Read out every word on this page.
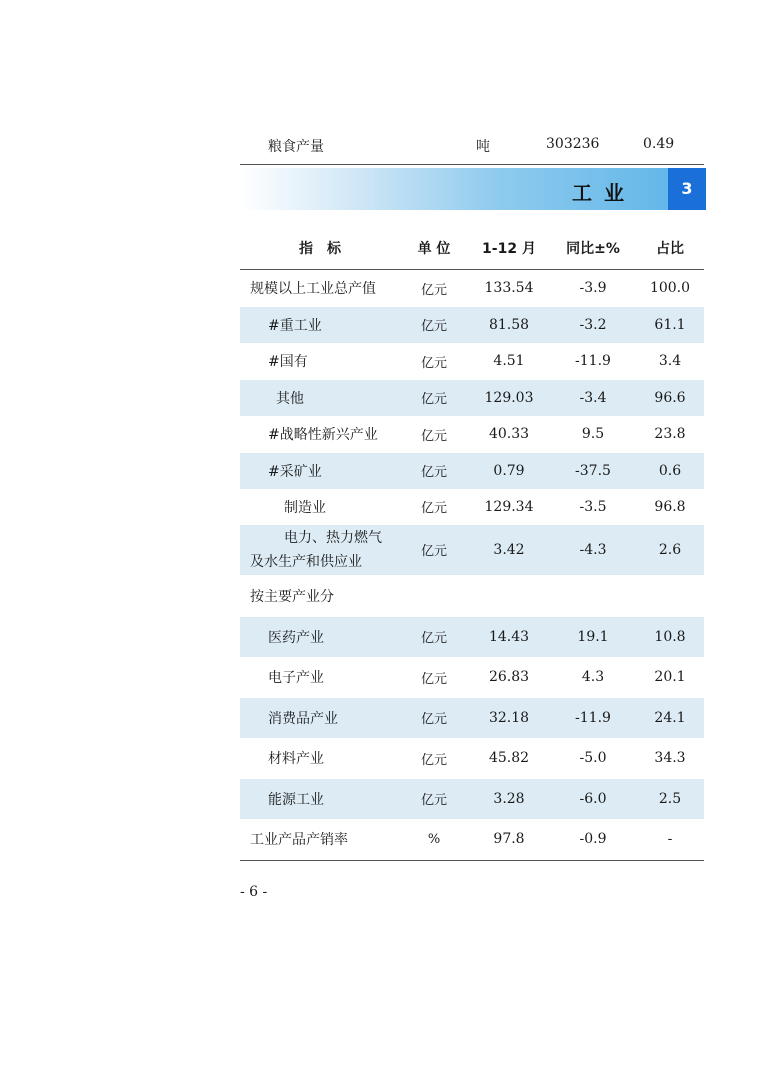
粮食产量	吨	303236	0.49
工业	3
指　标	单 位	1-12 月	同比±%	占比
规模以上工业总产值	亿元	133.54	-3.9	100.0
#重工业	亿元	81.58	-3.2	61.1
#国有	亿元	4.51	-11.9	3.4
其他	亿元	129.03	-3.4	96.6
#战略性新兴产业	亿元	40.33	9.5	23.8
#采矿业	亿元	0.79	-37.5	0.6
制造业	亿元	129.34	-3.5	96.8

电力、热力燃气
及水生产和供应业	亿元	3.42	-4.3	2.6
按主要产业分				
医药产业	亿元	14.43	19.1	10.8
电子产业	亿元	26.83	4.3	20.1
消费品产业	亿元	32.18	-11.9	24.1
材料产业	亿元	45.82	-5.0	34.3
能源工业	亿元	3.28	-6.0	2.5
工业产品产销率	%	97.8	-0.9	-
- 6 -
